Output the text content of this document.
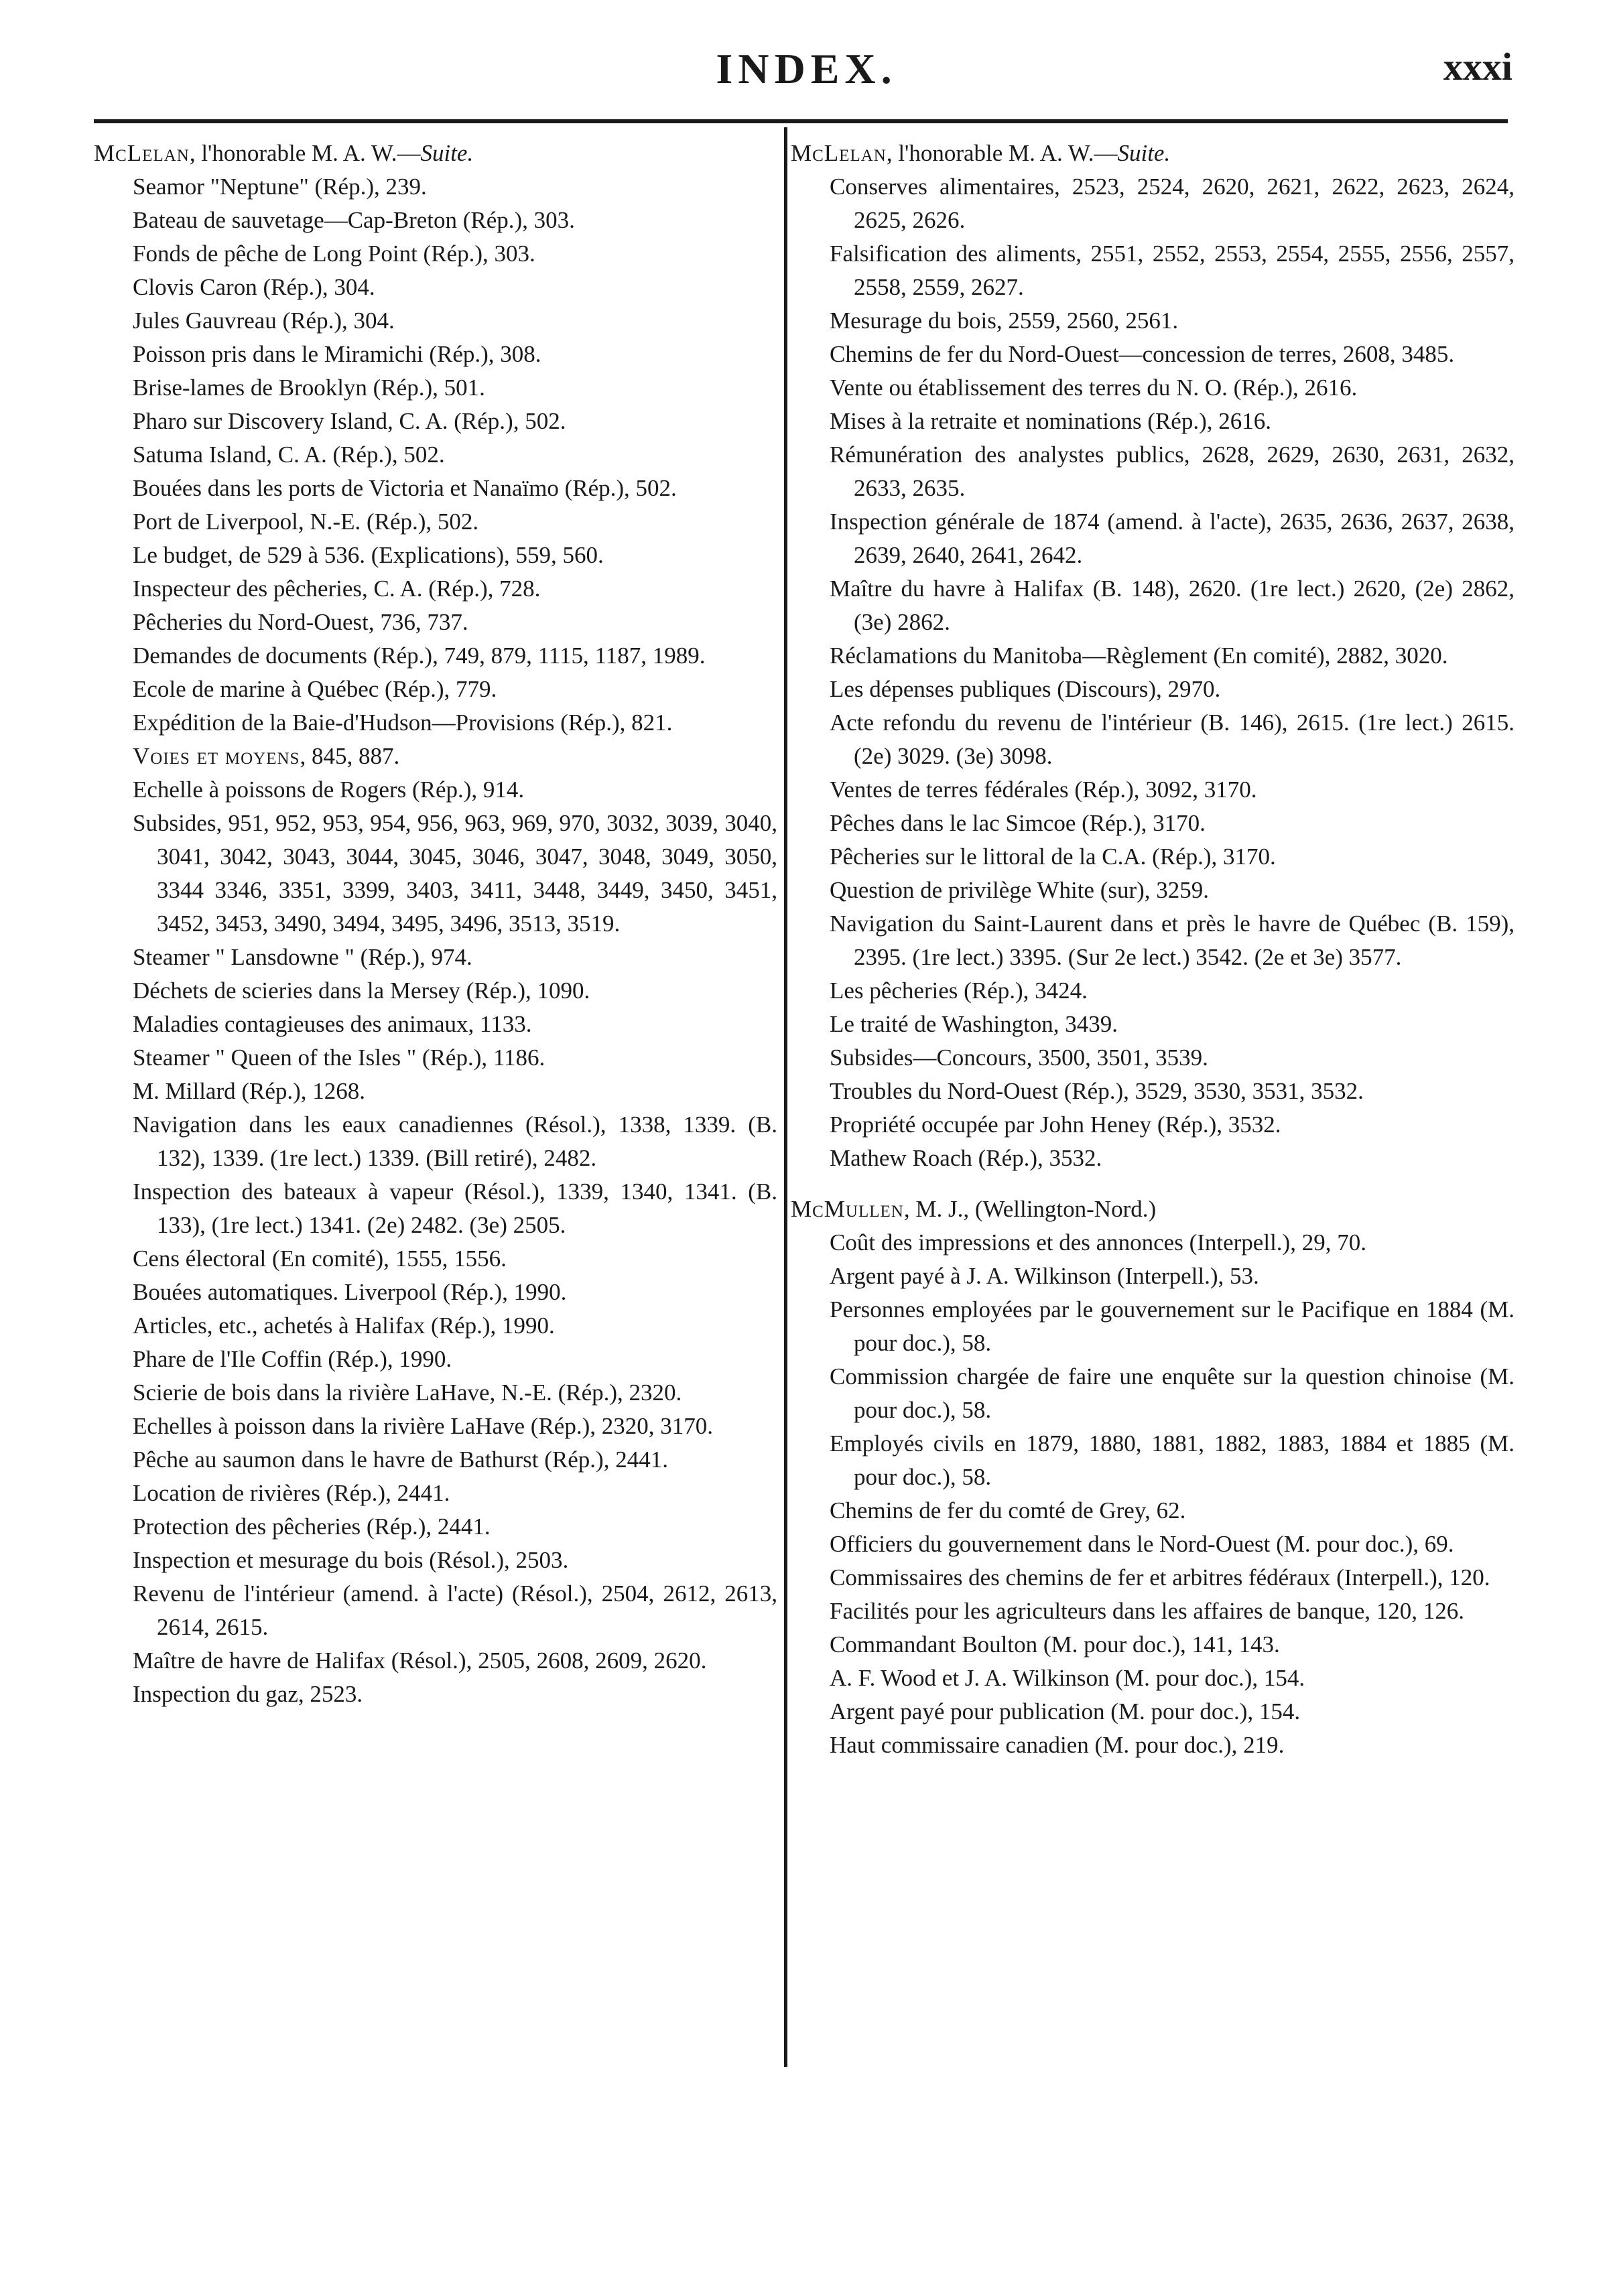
INDEX.	xxxi

McLelan, l'honorable M. A. W.—Suite.

Seamor "Neptune" (Rép.), 239.

Bateau de sauvetage—Cap-Breton (Rép.), 303.

Fonds de pêche de Long Point (Rép.), 303.

Clovis Caron (Rép.), 304.

Jules Gauvreau (Rép.), 304.

Poisson pris dans le Miramichi (Rép.), 308.

Brise-lames de Brooklyn (Rép.), 501.

Pharo sur Discovery Island, C. A. (Rép.), 502.

Satuma Island, C. A. (Rép.), 502.

Bouées dans les ports de Victoria et Nanaïmo (Rép.), 502.

Port de Liverpool, N.-E. (Rép.), 502.

Le budget, de 529 à 536. (Explications), 559, 560.

Inspecteur des pêcheries, C. A. (Rép.), 728.

Pêcheries du Nord-Ouest, 736, 737.

Demandes de documents (Rép.), 749, 879, 1115, 1187, 1989.

Ecole de marine à Québec (Rép.), 779.

Expédition de la Baie-d'Hudson—Provisions (Rép.), 821.

Voies et moyens, 845, 887.

Echelle à poissons de Rogers (Rép.), 914.

Subsides, 951, 952, 953, 954, 956, 963, 969, 970, 3032, 3039, 3040, 3041, 3042, 3043, 3044, 3045, 3046, 3047, 3048, 3049, 3050, 3344 3346, 3351, 3399, 3403, 3411, 3448, 3449, 3450, 3451, 3452, 3453, 3490, 3494, 3495, 3496, 3513, 3519.

Steamer " Lansdowne " (Rép.), 974.

Déchets de scieries dans la Mersey (Rép.), 1090.

Maladies contagieuses des animaux, 1133.

Steamer " Queen of the Isles " (Rép.), 1186.

M. Millard (Rép.), 1268.

Navigation dans les eaux canadiennes (Résol.), 1338, 1339. (B. 132), 1339. (1re lect.) 1339. (Bill retiré), 2482.

Inspection des bateaux à vapeur (Résol.), 1339, 1340, 1341. (B. 133), (1re lect.) 1341. (2e) 2482. (3e) 2505.

Cens électoral (En comité), 1555, 1556.

Bouées automatiques. Liverpool (Rép.), 1990.

Articles, etc., achetés à Halifax (Rép.), 1990.

Phare de l'Ile Coffin (Rép.), 1990.

Scierie de bois dans la rivière LaHave, N.-E. (Rép.), 2320.

Echelles à poisson dans la rivière LaHave (Rép.), 2320, 3170.

Pêche au saumon dans le havre de Bathurst (Rép.), 2441.

Location de rivières (Rép.), 2441.

Protection des pêcheries (Rép.), 2441.

Inspection et mesurage du bois (Résol.), 2503.

Revenu de l'intérieur (amend. à l'acte) (Résol.), 2504, 2612, 2613, 2614, 2615.

Maître de havre de Halifax (Résol.), 2505, 2608, 2609, 2620.

Inspection du gaz, 2523.

McLelan, l'honorable M. A. W.—Suite.

Conserves alimentaires, 2523, 2524, 2620, 2621, 2622, 2623, 2624, 2625, 2626.

Falsification des aliments, 2551, 2552, 2553, 2554, 2555, 2556, 2557, 2558, 2559, 2627.

Mesurage du bois, 2559, 2560, 2561.

Chemins de fer du Nord-Ouest—concession de terres, 2608, 3485.

Vente ou établissement des terres du N. O. (Rép.), 2616.

Mises à la retraite et nominations (Rép.), 2616.

Rémunération des analystes publics, 2628, 2629, 2630, 2631, 2632, 2633, 2635.

Inspection générale de 1874 (amend. à l'acte), 2635, 2636, 2637, 2638, 2639, 2640, 2641, 2642.

Maître du havre à Halifax (B. 148), 2620. (1re lect.) 2620, (2e) 2862, (3e) 2862.

Réclamations du Manitoba—Règlement (En comité), 2882, 3020.

Les dépenses publiques (Discours), 2970.

Acte refondu du revenu de l'intérieur (B. 146), 2615. (1re lect.) 2615. (2e) 3029. (3e) 3098.

Ventes de terres fédérales (Rép.), 3092, 3170.

Pêches dans le lac Simcoe (Rép.), 3170.

Pêcheries sur le littoral de la C.A. (Rép.), 3170.

Question de privilège White (sur), 3259.

Navigation du Saint-Laurent dans et près le havre de Québec (B. 159), 2395. (1re lect.) 3395. (Sur 2e lect.) 3542. (2e et 3e) 3577.

Les pêcheries (Rép.), 3424.

Le traité de Washington, 3439.

Subsides—Concours, 3500, 3501, 3539.

Troubles du Nord-Ouest (Rép.), 3529, 3530, 3531, 3532.

Propriété occupée par John Heney (Rép.), 3532.

Mathew Roach (Rép.), 3532.

McMullen, M. J., (Wellington-Nord.)

Coût des impressions et des annonces (Interpell.), 29, 70.

Argent payé à J. A. Wilkinson (Interpell.), 53.

Personnes employées par le gouvernement sur le Pacifique en 1884 (M. pour doc.), 58.

Commission chargée de faire une enquête sur la question chinoise (M. pour doc.), 58.

Employés civils en 1879, 1880, 1881, 1882, 1883, 1884 et 1885 (M. pour doc.), 58.

Chemins de fer du comté de Grey, 62.

Officiers du gouvernement dans le Nord-Ouest (M. pour doc.), 69.

Commissaires des chemins de fer et arbitres fédéraux (Interpell.), 120.

Facilités pour les agriculteurs dans les affaires de banque, 120, 126.

Commandant Boulton (M. pour doc.), 141, 143.

A. F. Wood et J. A. Wilkinson (M. pour doc.), 154.

Argent payé pour publication (M. pour doc.), 154.

Haut commissaire canadien (M. pour doc.), 219.
